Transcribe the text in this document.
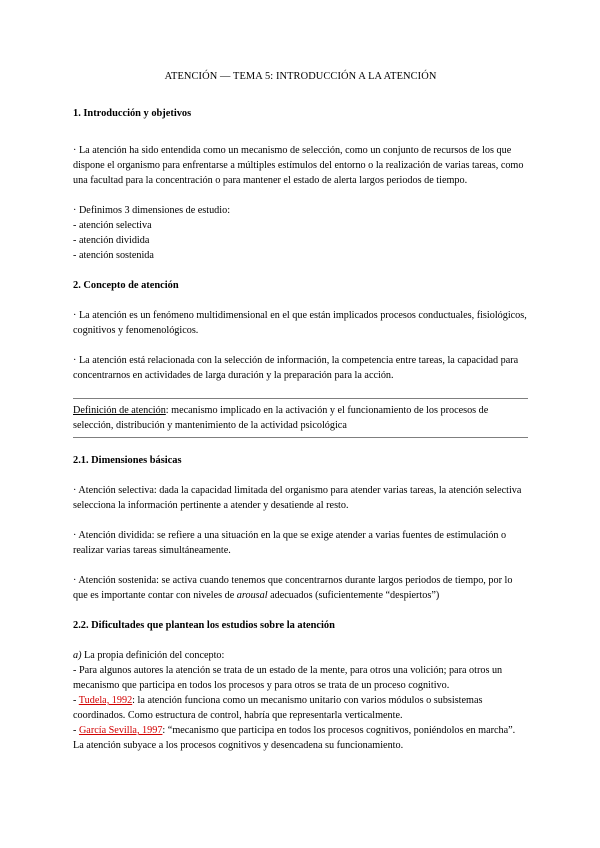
ATENCIÓN — TEMA 5: INTRODUCCIÓN A LA ATENCIÓN

1. Introducción y objetivos

· La atención ha sido entendida como un mecanismo de selección, como un conjunto de recursos de los que dispone el organismo para enfrentarse a múltiples estímulos del entorno o la realización de varias tareas, como una facultad para la concentración o para mantener el estado de alerta largos periodos de tiempo.

· Definimos 3 dimensiones de estudio:

- atención selectiva
- atención dividida
- atención sostenida
2. Concepto de atención

· La atención es un fenómeno multidimensional en el que están implicados procesos conductuales, fisiológicos, cognitivos y fenomenológicos.

· La atención está relacionada con la selección de información, la competencia entre tareas, la capacidad para concentrarnos en actividades de larga duración y la preparación para la acción.

Definición de atención: mecanismo implicado en la activación y el funcionamiento de los procesos de selección, distribución y mantenimiento de la actividad psicológica

2.1. Dimensiones básicas

· Atención selectiva: dada la capacidad limitada del organismo para atender varias tareas, la atención selectiva selecciona la información pertinente a atender y desatiende al resto.

· Atención dividida: se refiere a una situación en la que se exige atender a varias fuentes de estimulación o realizar varias tareas simultáneamente.

· Atención sostenida: se activa cuando tenemos que concentrarnos durante largos periodos de tiempo, por lo que es importante contar con niveles de arousal adecuados (suficientemente “despiertos”)

2.2. Dificultades que plantean los estudios sobre la atención

a) La propia definición del concepto:

- Para algunos autores la atención se trata de un estado de la mente, para otros una volición; para otros un mecanismo que participa en todos los procesos y para otros se trata de un proceso cognitivo.

- Tudela, 1992: la atención funciona como un mecanismo unitario con varios módulos o subsistemas coordinados. Como estructura de control, habría que representarla verticalmente.

- García Sevilla, 1997: “mecanismo que participa en todos los procesos cognitivos, poniéndolos en marcha”. La atención subyace a los procesos cognitivos y desencadena su funcionamiento.
